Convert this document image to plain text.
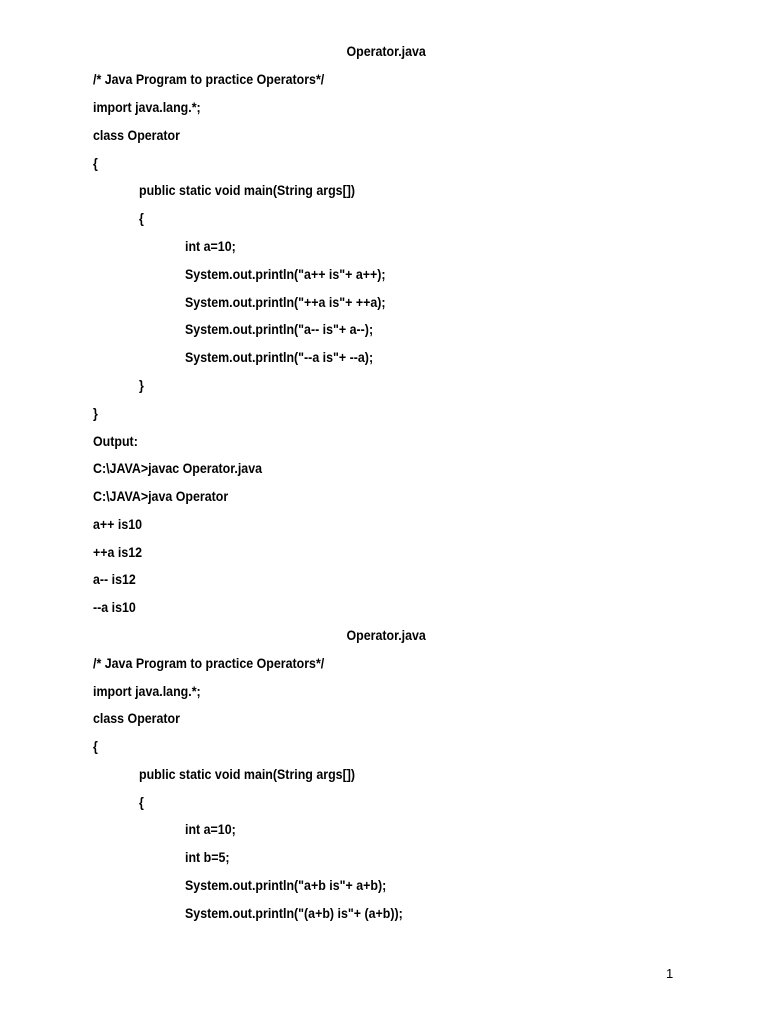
Operator.java
/* Java Program to practice Operators*/
import java.lang.*;
class Operator
{
public static void main(String args[])
{
int a=10;
System.out.println("a++ is"+ a++);
System.out.println("++a is"+ ++a);
System.out.println("a-- is"+ a--);
System.out.println("--a is"+ --a);
}
}
Output:
C:\JAVA>javac Operator.java
C:\JAVA>java Operator
a++ is10
++a is12
a-- is12
--a is10
Operator.java
/* Java Program to practice Operators*/
import java.lang.*;
class Operator
{
public static void main(String args[])
{
int a=10;
int b=5;
System.out.println("a+b is"+ a+b);
System.out.println("(a+b) is"+ (a+b));
1
